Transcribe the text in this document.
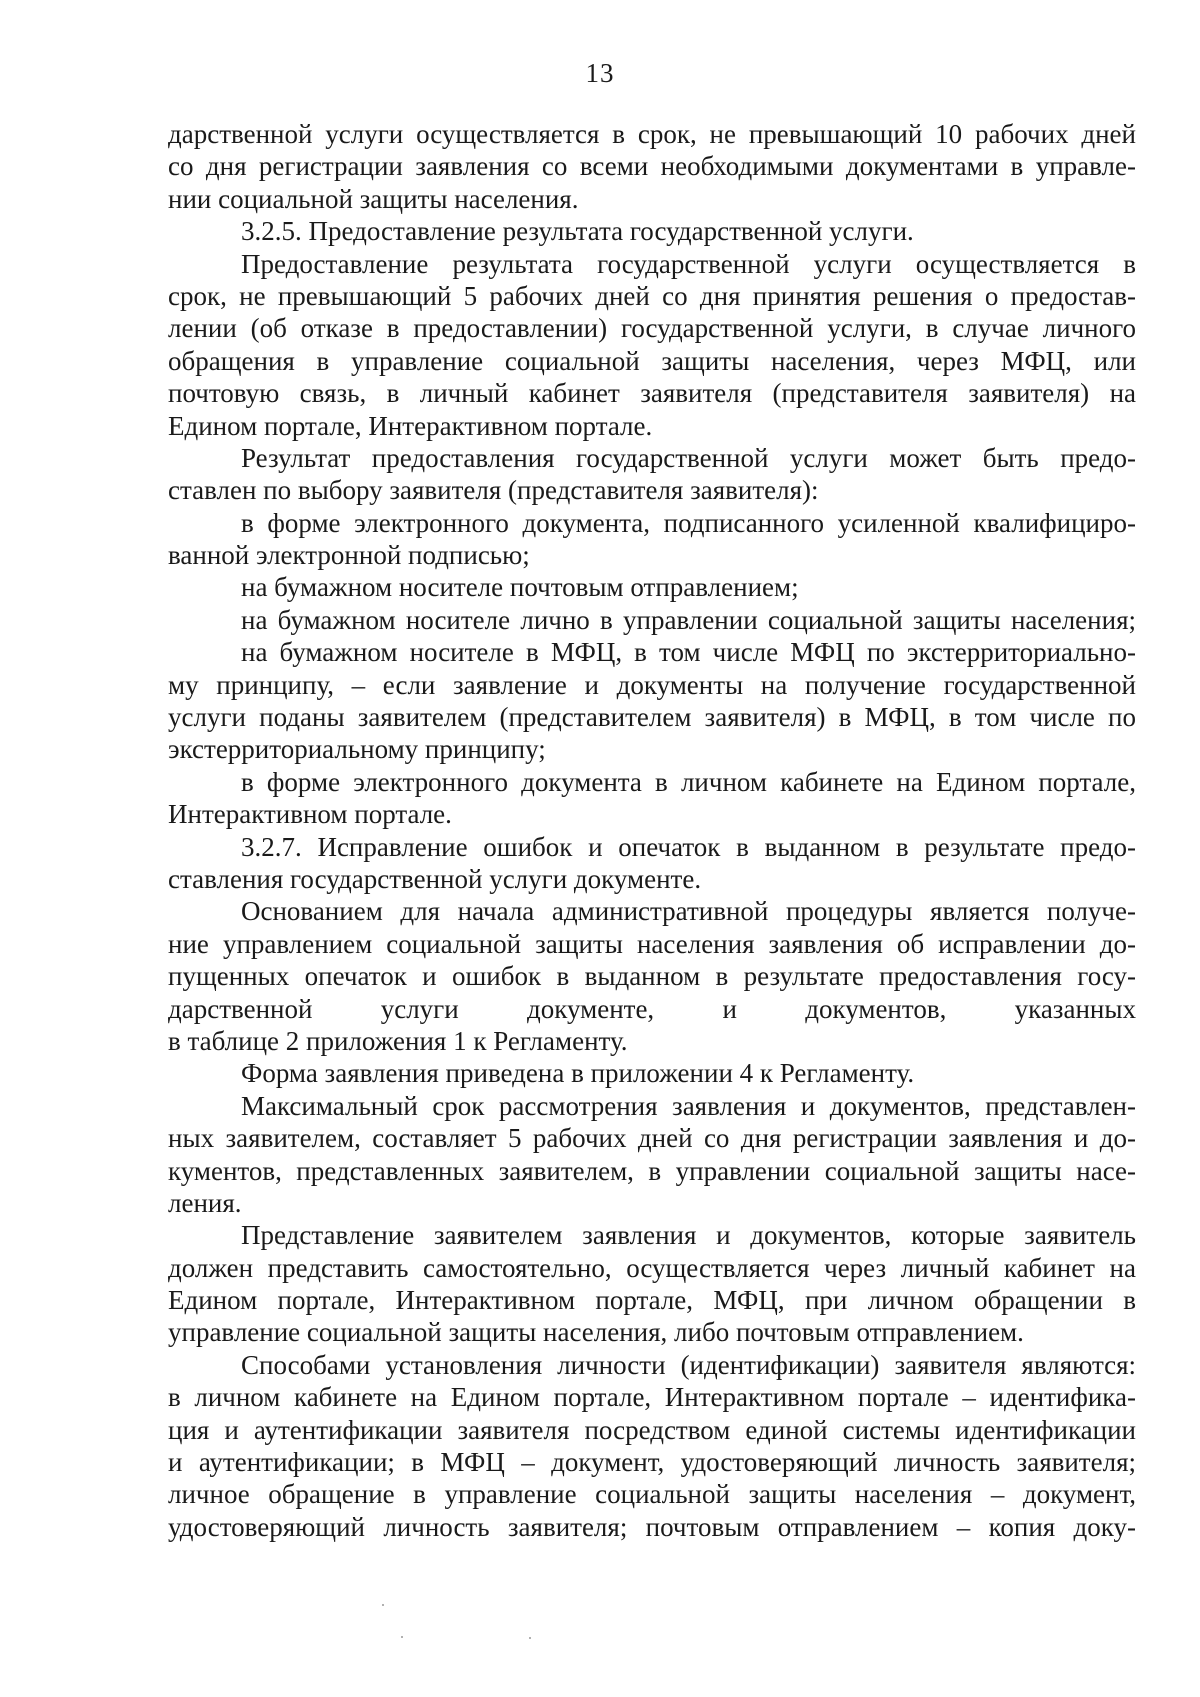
13
дарственной услуги осуществляется в срок, не превышающий 10 рабочих дней
со дня регистрации заявления со всеми необходимыми документами в управле-
нии социальной защиты населения.
3.2.5. Предоставление результата государственной услуги.
Предоставление результата государственной услуги осуществляется в
срок, не превышающий 5 рабочих дней со дня принятия решения о предостав-
лении (об отказе в предоставлении) государственной услуги, в случае личного
обращения в управление социальной защиты населения, через МФЦ, или
почтовую связь, в личный кабинет заявителя (представителя заявителя) на
Едином портале, Интерактивном портале.
Результат предоставления государственной услуги может быть предо-
ставлен по выбору заявителя (представителя заявителя):
в форме электронного документа, подписанного усиленной квалифициро-
ванной электронной подписью;
на бумажном носителе почтовым отправлением;
на бумажном носителе лично в управлении социальной защиты населения;
на бумажном носителе в МФЦ, в том числе МФЦ по экстерриториально-
му принципу, – если заявление и документы на получение государственной
услуги поданы заявителем (представителем заявителя) в МФЦ, в том числе по
экстерриториальному принципу;
в форме электронного документа в личном кабинете на Едином портале,
Интерактивном портале.
3.2.7. Исправление ошибок и опечаток в выданном в результате предо-
ставления государственной услуги документе.
Основанием для начала административной процедуры является получе-
ние управлением социальной защиты населения заявления об исправлении до-
пущенных опечаток и ошибок в выданном в результате предоставления госу-
дарственной услуги документе, и документов, указанных
в таблице 2 приложения 1 к Регламенту.
Форма заявления приведена в приложении 4 к Регламенту.
Максимальный срок рассмотрения заявления и документов, представлен-
ных заявителем, составляет 5 рабочих дней со дня регистрации заявления и до-
кументов, представленных заявителем, в управлении социальной защиты насе-
ления.
Представление заявителем заявления и документов, которые заявитель
должен представить самостоятельно, осуществляется через личный кабинет на
Едином портале, Интерактивном портале, МФЦ, при личном обращении в
управление социальной защиты населения, либо почтовым отправлением.
Способами установления личности (идентификации) заявителя являются:
в личном кабинете на Едином портале, Интерактивном портале – идентифика-
ция и аутентификации заявителя посредством единой системы идентификации
и аутентификации; в МФЦ – документ, удостоверяющий личность заявителя;
личное обращение в управление социальной защиты населения – документ,
удостоверяющий личность заявителя; почтовым отправлением – копия доку-
